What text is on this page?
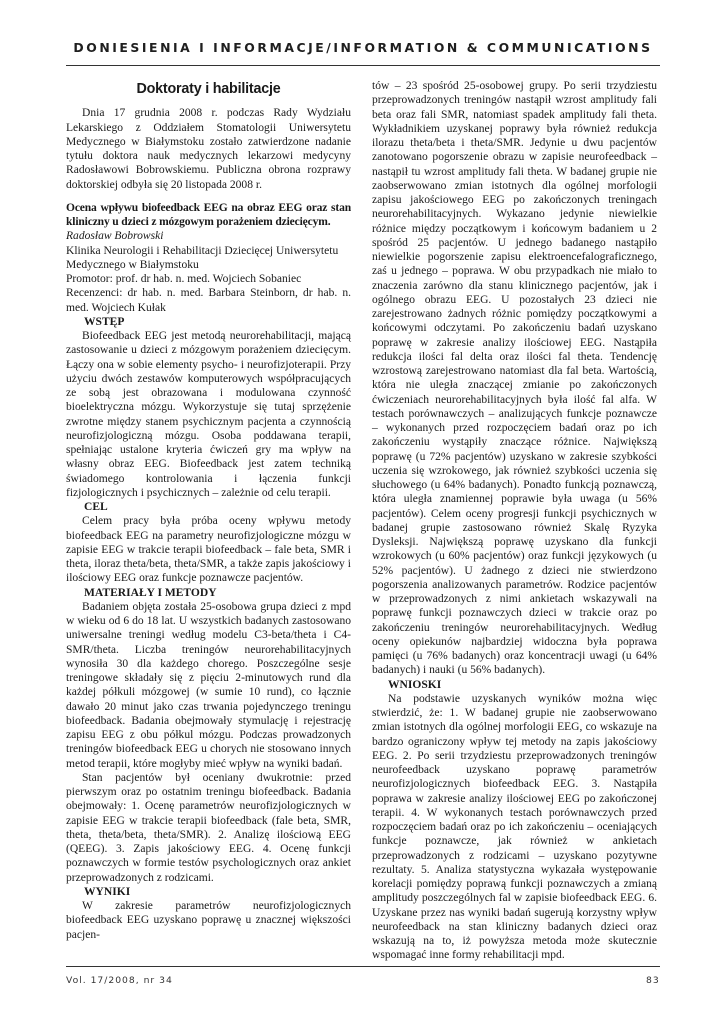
DONIESIENIA I INFORMACJE/INFORMATION & COMMUNICATIONS
Doktoraty i habilitacje

Dnia 17 grudnia 2008 r. podczas Rady Wydziału Lekarskiego z Oddziałem Stomatologii Uniwersytetu Medycznego w Białymstoku zostało zatwierdzone nadanie tytułu doktora nauk medycznych lekarzowi medycyny Radosławowi Bobrowskiemu. Publiczna obrona rozprawy doktorskiej odbyła się 20 listopada 2008 r.

Ocena wpływu biofeedback EEG na obraz EEG oraz stan kliniczny u dzieci z mózgowym porażeniem dziecięcym.

Radosław Bobrowski

Klinika Neurologii i Rehabilitacji Dziecięcej Uniwersytetu Medycznego w Białymstoku

Promotor: prof. dr hab. n. med. Wojciech Sobaniec

Recenzenci: dr hab. n. med. Barbara Steinborn, dr hab. n. med. Wojciech Kułak

WSTĘP

Biofeedback EEG jest metodą neurorehabilitacji, mającą zastosowanie u dzieci z mózgowym porażeniem dziecięcym. Łączy ona w sobie elementy psycho- i neurofizjoterapii. Przy użyciu dwóch zestawów komputerowych współpracujących ze sobą jest obrazowana i modulowana czynność bioelektryczna mózgu. Wykorzystuje się tutaj sprzężenie zwrotne między stanem psychicznym pacjenta a czynnością neurofizjologiczną mózgu. Osoba poddawana terapii, spełniając ustalone kryteria ćwiczeń gry ma wpływ na własny obraz EEG. Biofeedback jest zatem techniką świadomego kontrolowania i łączenia funkcji fizjologicznych i psychicznych – zależnie od celu terapii.

CEL

Celem pracy była próba oceny wpływu metody biofeedback EEG na parametry neurofizjologiczne mózgu w zapisie EEG w trakcie terapii biofeedback – fale beta, SMR i theta, iloraz theta/beta, theta/SMR, a także zapis jakościowy i ilościowy EEG oraz funkcje poznawcze pacjentów.

MATERIAŁY I METODY

Badaniem objęta została 25-osobowa grupa dzieci z mpd w wieku od 6 do 18 lat. U wszystkich badanych zastosowano uniwersalne treningi według modelu C3-beta/theta i C4-SMR/theta. Liczba treningów neurorehabilitacyjnych wynosiła 30 dla każdego chorego. Poszczególne sesje treningowe składały się z pięciu 2-minutowych rund dla każdej półkuli mózgowej (w sumie 10 rund), co łącznie dawało 20 minut jako czas trwania pojedynczego treningu biofeedback. Badania obejmowały stymulację i rejestrację zapisu EEG z obu półkul mózgu. Podczas prowadzonych treningów biofeedback EEG u chorych nie stosowano innych metod terapii, które mogłyby mieć wpływ na wyniki badań.

Stan pacjentów był oceniany dwukrotnie: przed pierwszym oraz po ostatnim treningu biofeedback. Badania obejmowały: 1. Ocenę parametrów neurofizjologicznych w zapisie EEG w trakcie terapii biofeedback (fale beta, SMR, theta, theta/beta, theta/SMR). 2. Analizę ilościową EEG (QEEG). 3. Zapis jakościowy EEG. 4. Ocenę funkcji poznawczych w formie testów psychologicznych oraz ankiet przeprowadzonych z rodzicami.

WYNIKI

W zakresie parametrów neurofizjologicznych biofeedback EEG uzyskano poprawę u znacznej większości pacjen-

tów – 23 spośród 25-osobowej grupy. Po serii trzydziestu przeprowadzonych treningów nastąpił wzrost amplitudy fali beta oraz fali SMR, natomiast spadek amplitudy fali theta. Wykładnikiem uzyskanej poprawy była również redukcja ilorazu theta/beta i theta/SMR. Jedynie u dwu pacjentów zanotowano pogorszenie obrazu w zapisie neurofeedback – nastąpił tu wzrost amplitudy fali theta. W badanej grupie nie zaobserwowano zmian istotnych dla ogólnej morfologii zapisu jakościowego EEG po zakończonych treningach neurorehabilitacyjnych. Wykazano jedynie niewielkie różnice między początkowym i końcowym badaniem u 2 spośród 25 pacjentów. U jednego badanego nastąpiło niewielkie pogorszenie zapisu elektroencefalograficznego, zaś u jednego – poprawa. W obu przypadkach nie miało to znaczenia zarówno dla stanu klinicznego pacjentów, jak i ogólnego obrazu EEG. U pozostałych 23 dzieci nie zarejestrowano żadnych różnic pomiędzy początkowymi a końcowymi odczytami. Po zakończeniu badań uzyskano poprawę w zakresie analizy ilościowej EEG. Nastąpiła redukcja ilości fal delta oraz ilości fal theta. Tendencję wzrostową zarejestrowano natomiast dla fal beta. Wartością, która nie uległa znaczącej zmianie po zakończonych ćwiczeniach neurorehabilitacyjnych była ilość fal alfa. W testach porównawczych – analizujących funkcje poznawcze – wykonanych przed rozpoczęciem badań oraz po ich zakończeniu wystąpiły znaczące różnice. Największą poprawę (u 72% pacjentów) uzyskano w zakresie szybkości uczenia się wzrokowego, jak również szybkości uczenia się słuchowego (u 64% badanych). Ponadto funkcją poznawczą, która uległa znamiennej poprawie była uwaga (u 56% pacjentów). Celem oceny progresji funkcji psychicznych w badanej grupie zastosowano również Skalę Ryzyka Dysleksji. Największą poprawę uzyskano dla funkcji wzrokowych (u 60% pacjentów) oraz funkcji językowych (u 52% pacjentów). U żadnego z dzieci nie stwierdzono pogorszenia analizowanych parametrów. Rodzice pacjentów w przeprowadzonych z nimi ankietach wskazywali na poprawę funkcji poznawczych dzieci w trakcie oraz po zakończeniu treningów neurorehabilitacyjnych. Według oceny opiekunów najbardziej widoczna była poprawa pamięci (u 76% badanych) oraz koncentracji uwagi (u 64% badanych) i nauki (u 56% badanych).

WNIOSKI

Na podstawie uzyskanych wyników można więc stwierdzić, że: 1. W badanej grupie nie zaobserwowano zmian istotnych dla ogólnej morfologii EEG, co wskazuje na bardzo ograniczony wpływ tej metody na zapis jakościowy EEG. 2. Po serii trzydziestu przeprowadzonych treningów neurofeedback uzyskano poprawę parametrów neurofizjologicznych biofeedback EEG. 3. Nastąpiła poprawa w zakresie analizy ilościowej EEG po zakończonej terapii. 4. W wykonanych testach porównawczych przed rozpoczęciem badań oraz po ich zakończeniu – oceniających funkcje poznawcze, jak również w ankietach przeprowadzonych z rodzicami – uzyskano pozytywne rezultaty. 5. Analiza statystyczna wykazała występowanie korelacji pomiędzy poprawą funkcji poznawczych a zmianą amplitudy poszczególnych fal w zapisie biofeedback EEG. 6. Uzyskane przez nas wyniki badań sugerują korzystny wpływ neurofeedback na stan kliniczny badanych dzieci oraz wskazują na to, iż powyższa metoda może skutecznie wspomagać inne formy rehabilitacji mpd.

Vol. 17/2008, nr 34	83
